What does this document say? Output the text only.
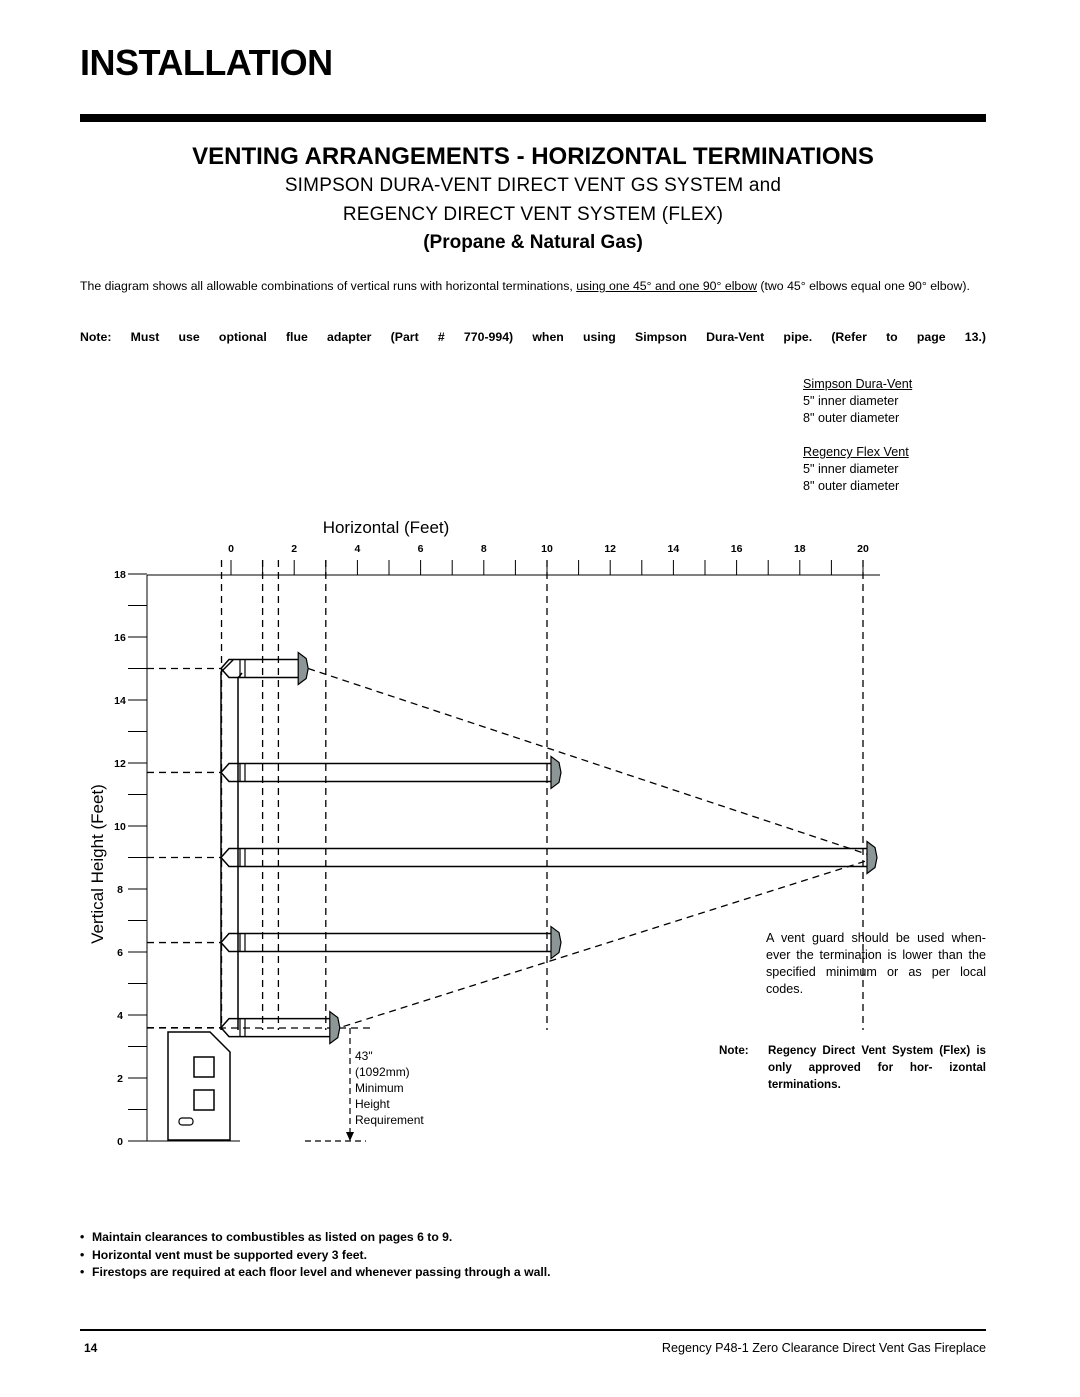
INSTALLATION
VENTING ARRANGEMENTS - HORIZONTAL TERMINATIONS
SIMPSON DURA-VENT DIRECT VENT GS SYSTEM and
REGENCY DIRECT VENT SYSTEM (FLEX)
(Propane & Natural Gas)
The diagram shows all allowable combinations of vertical runs with horizontal terminations, using one 45° and one 90° elbow (two 45° elbows equal one 90° elbow).
Note: Must use optional flue adapter (Part # 770-994) when using Simpson Dura-Vent pipe. (Refer to page 13.)
Simpson Dura-Vent
5" inner diameter
8" outer diameter
Regency Flex Vent
5" inner diameter
8" outer diameter
0	2	4	6	8	10	12	14	16	18	20
0
2
4
6
8
10
12
14
16
18
Horizontal (Feet)
Vertical Height (Feet)
43"
(1092mm)
Minimum
Height
Requirement
A vent guard should be used when- ever the termination is lower than the specified minimum or as per local codes.
Note:	Regency Direct Vent System (Flex) is only approved for hor- izontal terminations.
• Maintain clearances to combustibles as listed on pages 6 to 9.
• Horizontal vent must be supported every 3 feet.
• Firestops are required at each floor level and whenever passing through a wall.
14	Regency P48-1 Zero Clearance Direct Vent Gas Fireplace
